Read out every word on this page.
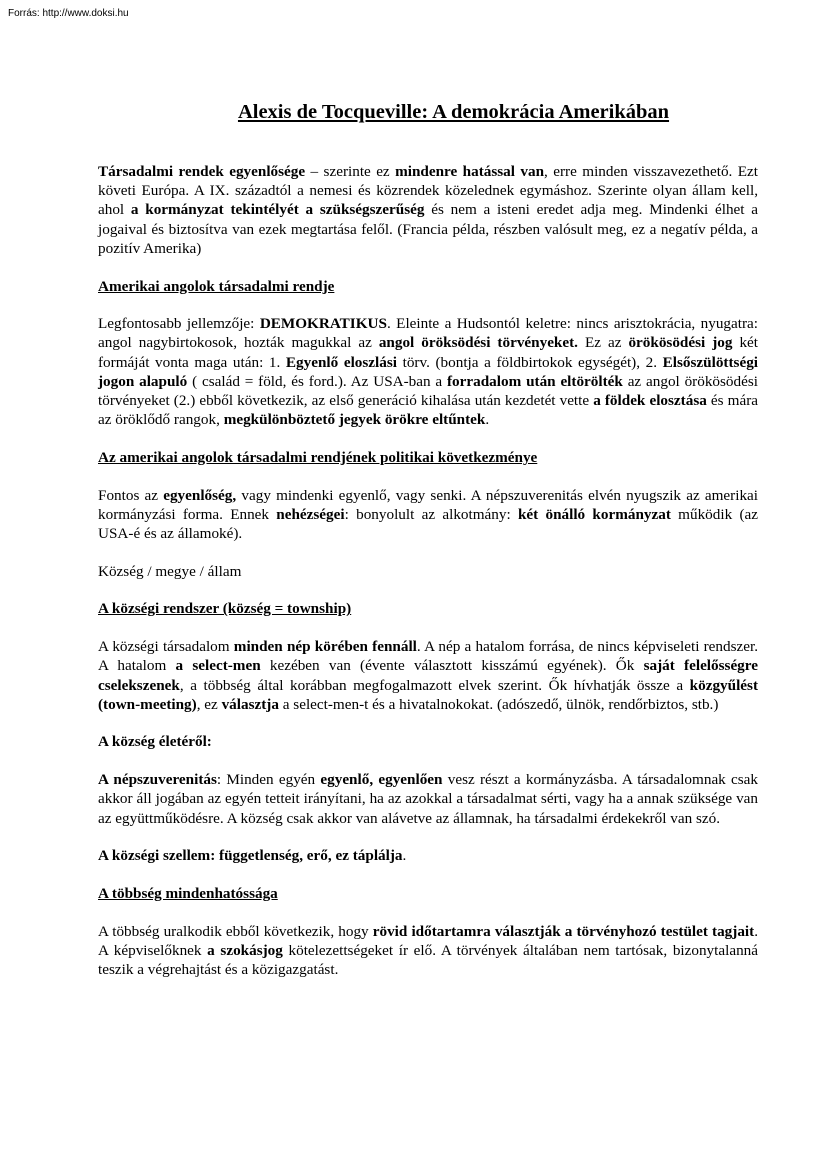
Forrás: http://www.doksi.hu
Alexis de Tocqueville: A demokrácia Amerikában

Társadalmi rendek egyenlősége – szerinte ez mindenre hatással van, erre minden visszavezethető. Ezt követi Európa. A IX. századtól a nemesi és közrendek közelednek egymáshoz. Szerinte olyan állam kell, ahol a kormányzat tekintélyét a szükségszerűség és nem a isteni eredet adja meg. Mindenki élhet a jogaival és biztosítva van ezek megtartása felől. (Francia példa, részben valósult meg, ez a negatív példa, a pozitív Amerika)

Amerikai angolok társadalmi rendje

Legfontosabb jellemzője: DEMOKRATIKUS. Eleinte a Hudsontól keletre: nincs arisztokrácia, nyugatra: angol nagybirtokosok, hozták magukkal az angol öröksödési törvényeket. Ez az örökösödési jog két formáját vonta maga után: 1. Egyenlő eloszlási törv. (bontja a földbirtokok egységét), 2. Elsőszülöttségi jogon alapuló ( család = föld, és ford.). Az USA-ban a forradalom után eltörölték az angol örökösödési törvényeket (2.) ebből következik, az első generáció kihalása után kezdetét vette a földek elosztása és mára az öröklődő rangok, megkülönböztető jegyek örökre eltűntek.

Az amerikai angolok társadalmi rendjének politikai következménye

Fontos az egyenlőség, vagy mindenki egyenlő, vagy senki. A népszuverenitás elvén nyugszik az amerikai kormányzási forma. Ennek nehézségei: bonyolult az alkotmány: két önálló kormányzat működik (az USA-é és az államoké).

Község / megye / állam

A községi rendszer (község = township)

A községi társadalom minden nép körében fennáll. A nép a hatalom forrása, de nincs képviseleti rendszer. A hatalom a select-men kezében van (évente választott kisszámú egyének). Ők saját felelősségre cselekszenek, a többség által korábban megfogalmazott elvek szerint. Ők hívhatják össze a közgyűlést (town-meeting), ez választja a select-men-t és a hivatalnokokat. (adószedő, ülnök, rendőrbiztos, stb.)

A község életéről:

A népszuverenitás: Minden egyén egyenlő, egyenlően vesz részt a kormányzásba. A társadalomnak csak akkor áll jogában az egyén tetteit irányítani, ha az azokkal a társadalmat sérti, vagy ha a annak szüksége van az együttműködésre. A község csak akkor van alávetve az államnak, ha társadalmi érdekekről van szó.

A községi szellem: függetlenség, erő, ez táplálja.

A többség mindenhatóssága

A többség uralkodik ebből következik, hogy rövid időtartamra választják a törvényhozó testület tagjait. A képviselőknek a szokásjog kötelezettségeket ír elő. A törvények általában nem tartósak, bizonytalanná teszik a végrehajtást és a közigazgatást.
